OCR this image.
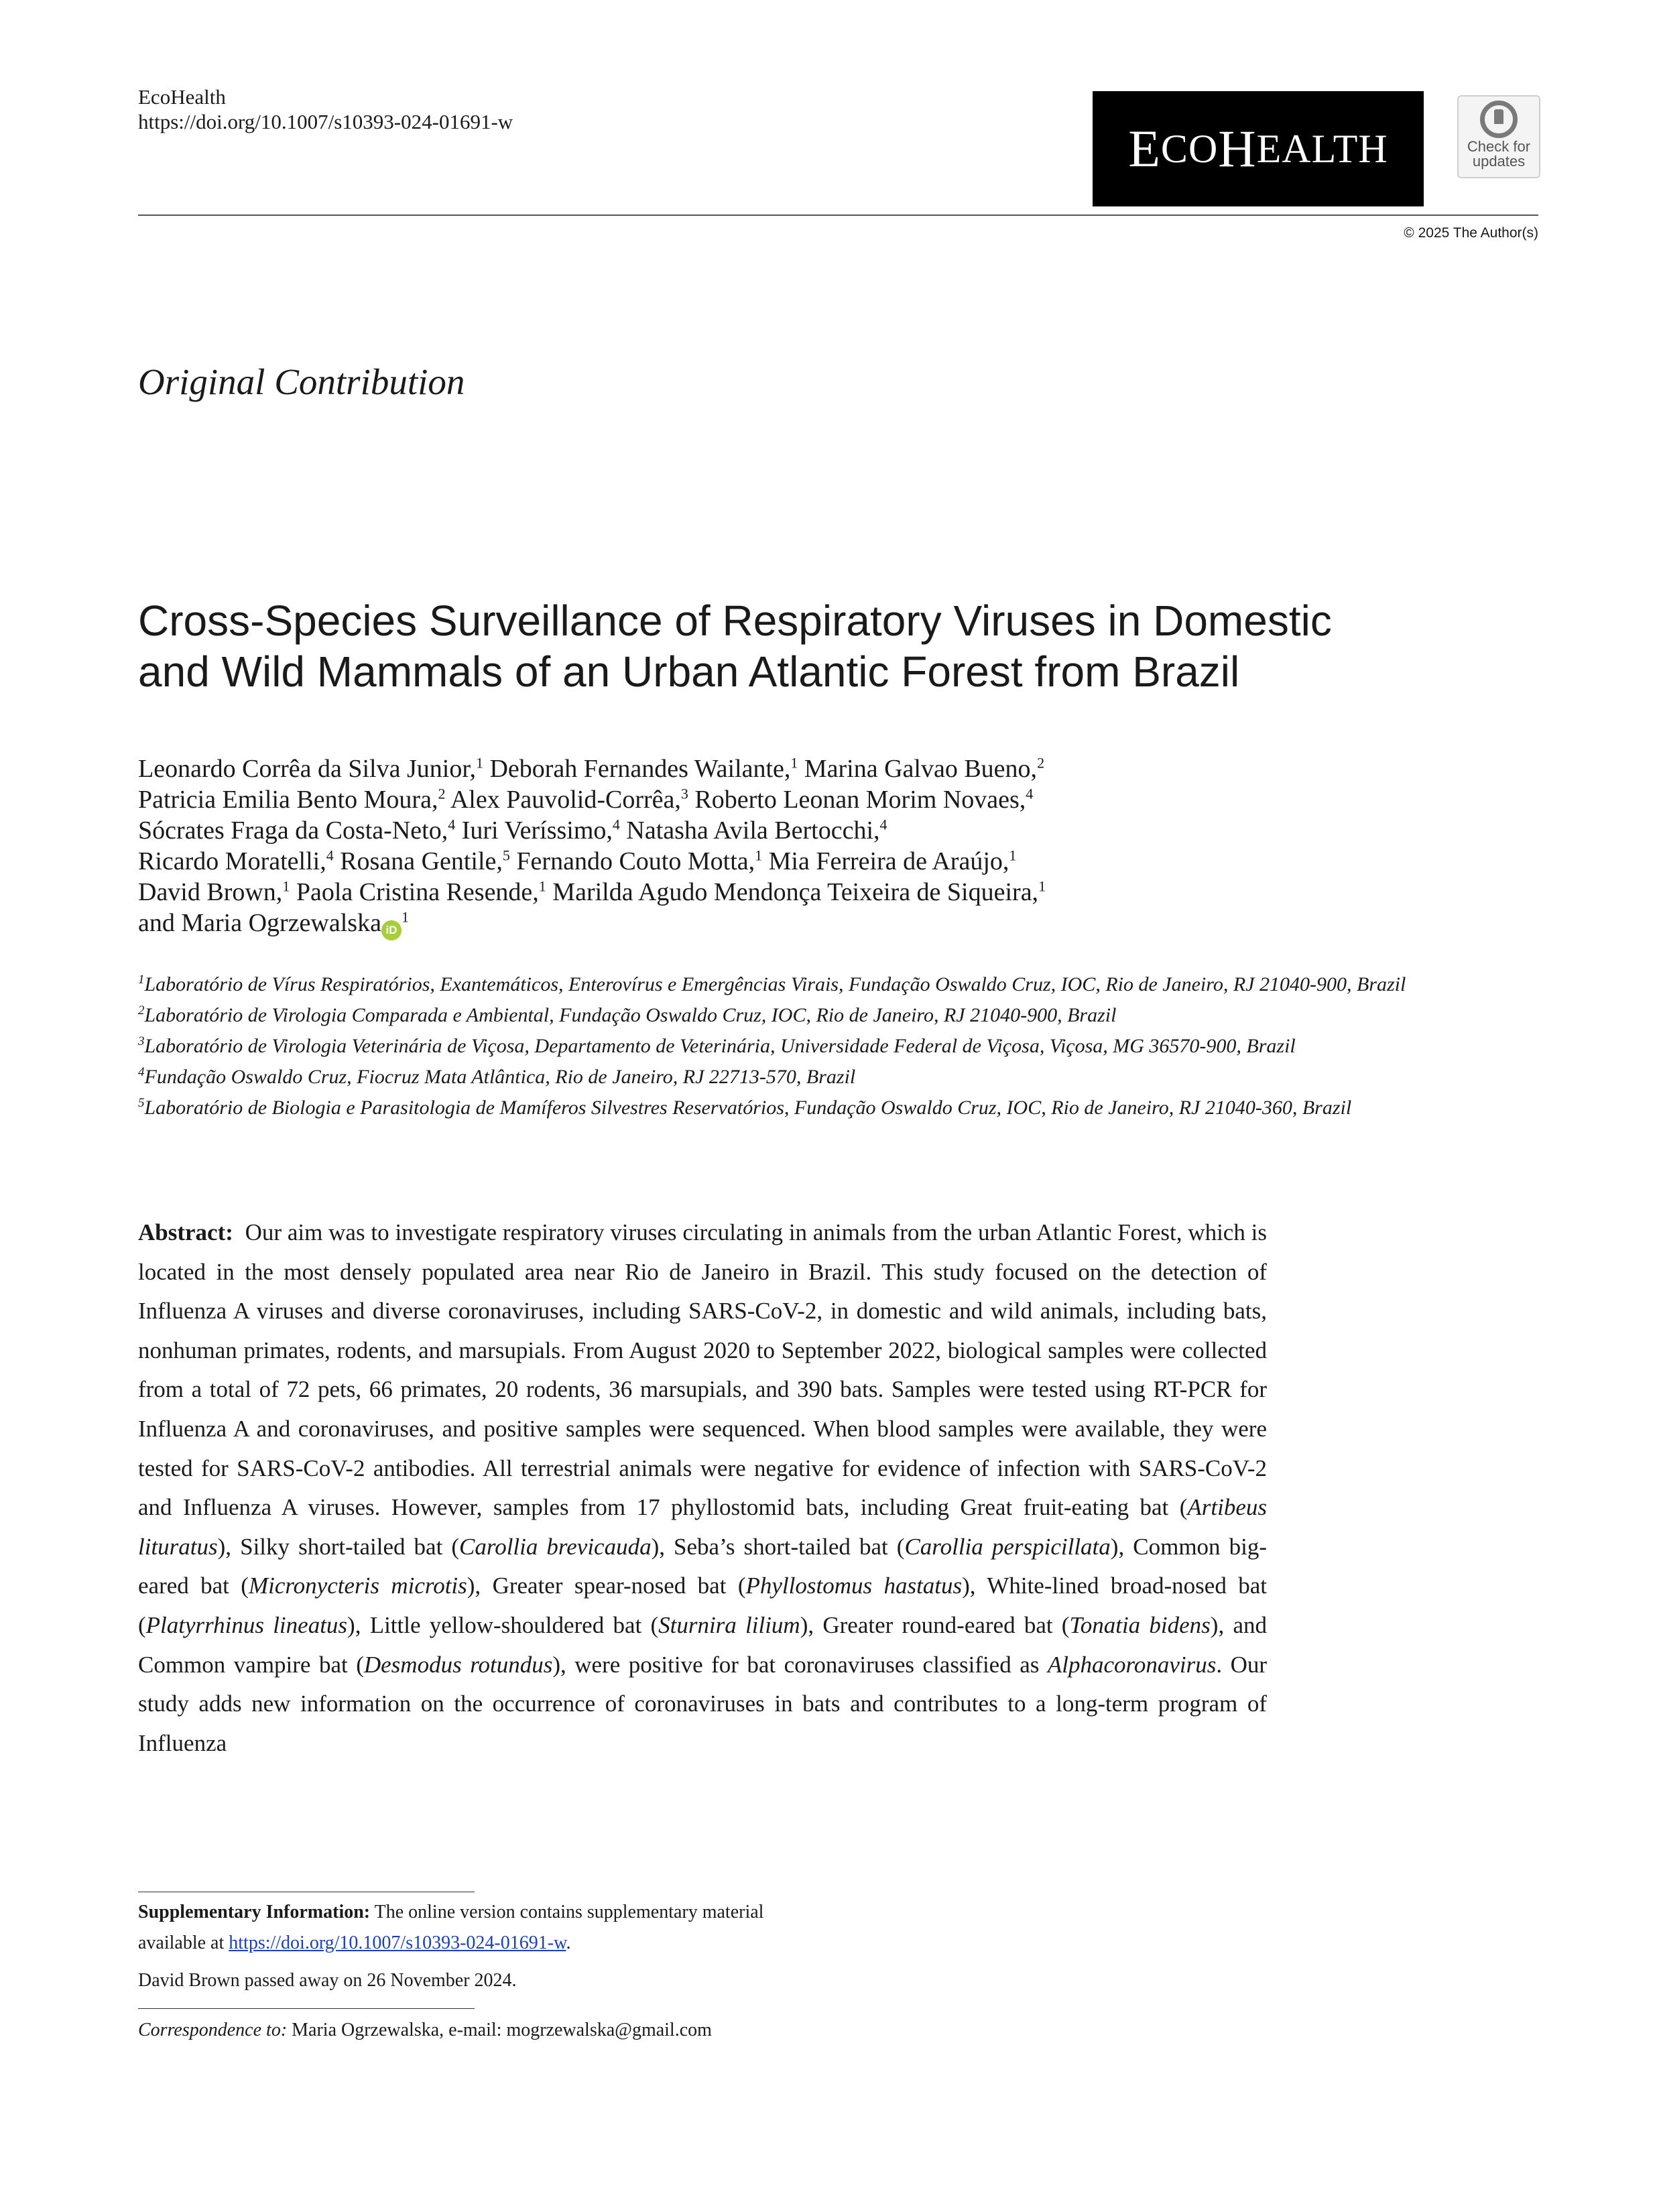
EcoHealth
https://doi.org/10.1007/s10393-024-01691-w	E CO H EALTH	Check for
updates
© 2025 The Author(s)
Original Contribution
Cross-Species Surveillance of Respiratory Viruses in Domestic
and Wild Mammals of an Urban Atlantic Forest from Brazil
Leonardo Corrêa da Silva Junior,$^1$ Deborah Fernandes Wailante,$^1$ Marina Galvao Bueno,$^2$
Patricia Emilia Bento Moura,$^2$ Alex Pauvolid-Corrêa,$^3$ Roberto Leonan Morim Novaes,$^4$
Sócrates Fraga da Costa-Neto,$^4$ Iuri Veríssimo,$^4$ Natasha Avila Bertocchi,$^4$
Ricardo Moratelli,$^4$ Rosana Gentile,$^5$ Fernando Couto Motta,$^1$ Mia Ferreira de Araújo,$^1$
David Brown,$^1$ Paola Cristina Resende,$^1$ Marilda Agudo Mendonça Teixeira de Siqueira,$^1$
and Maria Ogrzewalska $iD^1$
$^1$Laboratório de Vírus Respiratórios, Exantemáticos, Enterovírus e Emergências Virais, Fundação Oswaldo Cruz, IOC, Rio de Janeiro, RJ 21040-900, Brazil
$^2$Laboratório de Virologia Comparada e Ambiental, Fundação Oswaldo Cruz, IOC, Rio de Janeiro, RJ 21040-900, Brazil
$^3$Laboratório de Virologia Veterinária de Viçosa, Departamento de Veterinária, Universidade Federal de Viçosa, Viçosa, MG 36570-900, Brazil
$^4$Fundação Oswaldo Cruz, Fiocruz Mata Atlântica, Rio de Janeiro, RJ 22713-570, Brazil
$^5$Laboratório de Biologia e Parasitologia de Mamíferos Silvestres Reservatórios, Fundação Oswaldo Cruz, IOC, Rio de Janeiro, RJ 21040-360, Brazil
Abstract: Our aim was to investigate respiratory viruses circulating in animals from the urban Atlantic Forest, which is located in the most densely populated area near Rio de Janeiro in Brazil. This study focused on the detection of Influenza A viruses and diverse coronaviruses, including SARS-CoV-2, in domestic and wild animals, including bats, nonhuman primates, rodents, and marsupials. From August 2020 to September 2022, biological samples were collected from a total of 72 pets, 66 primates, 20 rodents, 36 marsupials, and 390 bats. Samples were tested using RT-PCR for Influenza A and coronaviruses, and positive samples were sequenced. When blood samples were available, they were tested for SARS-CoV-2 antibodies. All terrestrial animals were negative for evidence of infection with SARS-CoV-2 and Influenza A viruses. However, samples from 17 phyllostomid bats, including Great fruit-eating bat (Artibeus lituratus), Silky short-tailed bat (Carollia brevicauda), Seba’s short-tailed bat (Carollia perspicillata), Common big-eared bat (Micronycteris microtis), Greater spear-nosed bat (Phyllostomus hastatus), White-lined broad-nosed bat (Platyrrhinus lineatus), Little yellow-shouldered bat (Sturnira lilium), Greater round-eared bat (Tonatia bidens), and Common vampire bat (Desmodus rotundus), were positive for bat coronaviruses classified as Alphacoronavirus. Our study adds new information on the occurrence of coronaviruses in bats and contributes to a long-term program of Influenza
Supplementary Information: The online version contains supplementary material
available at https://doi.org/10.1007/s10393-024-01691-w.
David Brown passed away on 26 November 2024.
Correspondence to: Maria Ogrzewalska, e-mail: mogrzewalska@gmail.com
